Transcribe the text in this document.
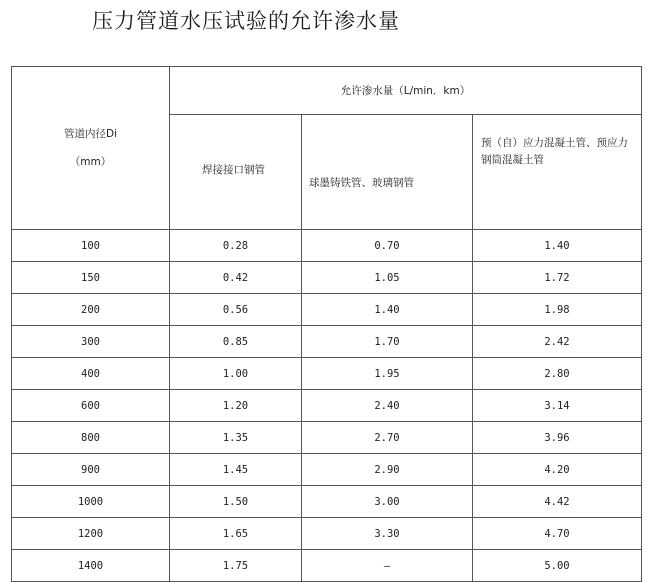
压力管道水压试验的允许渗水量
管道内径Di
（mm）	允许渗水量（L/min．km）		
	焊接接口钢管	球墨铸铁管、玻璃钢管	预（自）应力混凝土管、预应力钢筒混凝土管
100	0.28	0.70	1.40
150	0.42	1.05	1.72
200	0.56	1.40	1.98
300	0.85	1.70	2.42
400	1.00	1.95	2.80
600	1.20	2.40	3.14
800	1.35	2.70	3.96
900	1.45	2.90	4.20
1000	1.50	3.00	4.42
1200	1.65	3.30	4.70
1400	1.75	—	5.00
